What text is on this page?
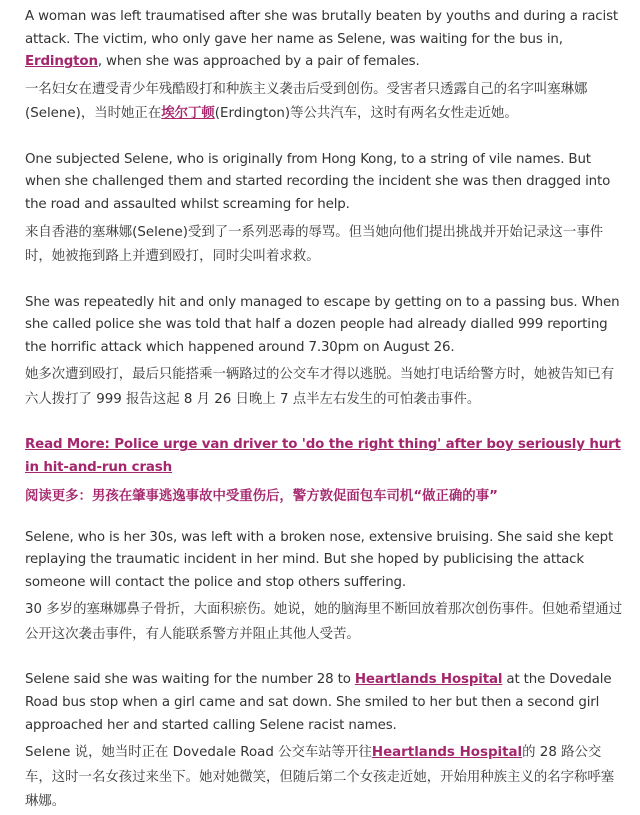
A woman was left traumatised after she was brutally beaten by youths and during a racist attack. The victim, who only gave her name as Selene, was waiting for the bus in, Erdington, when she was approached by a pair of females.

一名妇女在遭受青少年残酷殴打和种族主义袭击后受到创伤。受害者只透露自己的名字叫塞琳娜(Selene)，当时她正在埃尔丁顿(Erdington)等公共汽车，这时有两名女性走近她。

One subjected Selene, who is originally from Hong Kong, to a string of vile names. But when she challenged them and started recording the incident she was then dragged into the road and assaulted whilst screaming for help.

来自香港的塞琳娜(Selene)受到了一系列恶毒的辱骂。但当她向他们提出挑战并开始记录这一事件时，她被拖到路上并遭到殴打，同时尖叫着求救。

She was repeatedly hit and only managed to escape by getting on to a passing bus. When she called police she was told that half a dozen people had already dialled 999 reporting the horrific attack which happened around 7.30pm on August 26.

她多次遭到殴打，最后只能搭乘一辆路过的公交车才得以逃脱。当她打电话给警方时，她被告知已有六人拨打了 999 报告这起 8 月 26 日晚上 7 点半左右发生的可怕袭击事件。

Read More: Police urge van driver to 'do the right thing' after boy seriously hurt in hit-and-run crash

阅读更多：男孩在肇事逃逸事故中受重伤后，警方敦促面包车司机“做正确的事”

Selene, who is her 30s, was left with a broken nose, extensive bruising. She said she kept replaying the traumatic incident in her mind. But she hoped by publicising the attack someone will contact the police and stop others suffering.

30 多岁的塞琳娜鼻子骨折，大面积瘀伤。她说，她的脑海里不断回放着那次创伤事件。但她希望通过公开这次袭击事件，有人能联系警方并阻止其他人受苦。

Selene said she was waiting for the number 28 to Heartlands Hospital at the Dovedale Road bus stop when a girl came and sat down. She smiled to her but then a second girl approached her and started calling Selene racist names.

Selene 说，她当时正在 Dovedale Road 公交车站等开往Heartlands Hospital的 28 路公交车，这时一名女孩过来坐下。她对她微笑，但随后第二个女孩走近她，开始用种族主义的名字称呼塞琳娜。
